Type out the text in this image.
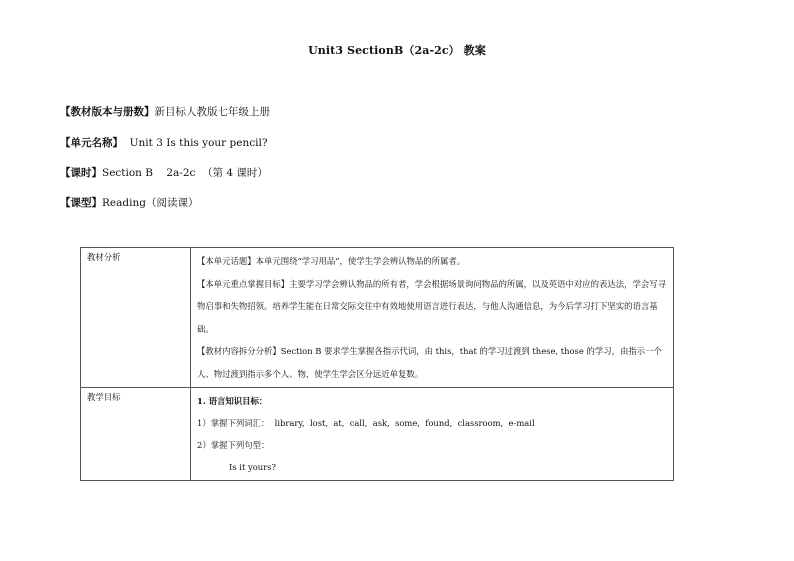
Unit3 SectionB（2a-2c） 教案
【教材版本与册数】新目标人教版七年级上册
【单元名称】  Unit 3 Is this your pencil?
【课时】Section B    2a-2c  （第 4 课时）
【课型】Reading（阅读课）
教材分析	【本单元话题】本单元围绕“学习用品”，使学生学会辨认物品的所属者。
【本单元重点掌握目标】主要学习学会辨认物品的所有者，学会根据场景询问物品的所属，以及英语中对应的表达法，学会写寻物启事和失物招领。培养学生能在日常交际交往中有效地使用语言进行表达，与他人沟通信息，为今后学习打下坚实的语言基础。
【教材内容拆分分析】Section B 要求学生掌握各指示代词，由 this，that 的学习过渡到 these, those 的学习，由指示一个人、物过渡到指示多个人、物，使学生学会区分远近单复数。

教学目标	1. 语言知识目标：
1）掌握下列词汇：  library,  lost,  at,  call,  ask,  some,  found,  classroom,  e-mail
2）掌握下列句型：
Is it yours?
